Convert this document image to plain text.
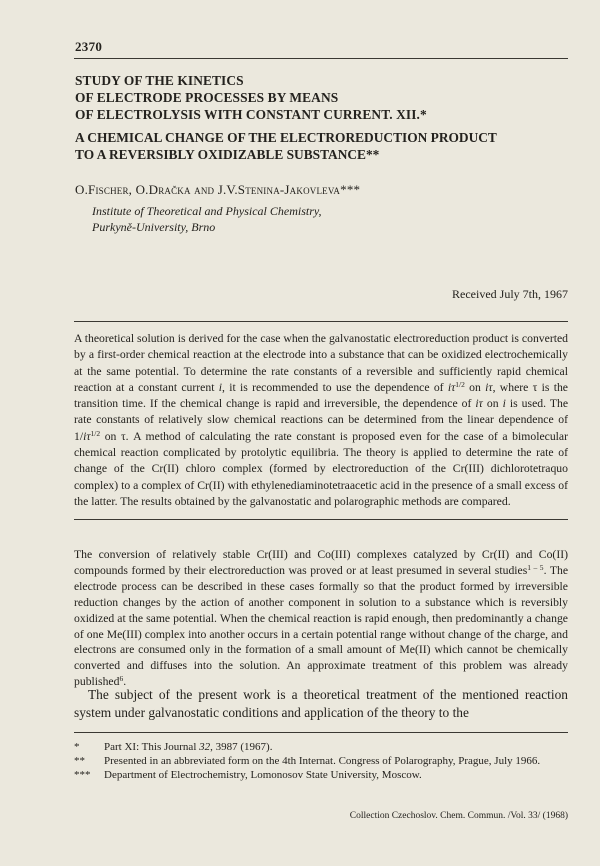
2370
STUDY OF THE KINETICS
OF ELECTRODE PROCESSES BY MEANS
OF ELECTROLYSIS WITH CONSTANT CURRENT. XII.*
A CHEMICAL CHANGE OF THE ELECTROREDUCTION PRODUCT
TO A REVERSIBLY OXIDIZABLE SUBSTANCE**
O.Fischer, O.Dračka and J.V.Stenina-Jakovleva***
Institute of Theoretical and Physical Chemistry,
Purkyně-University, Brno
Received July 7th, 1967

A theoretical solution is derived for the case when the galvanostatic electroreduction product is converted by a first-order chemical reaction at the electrode into a substance that can be oxidized electrochemically at the same potential. To determine the rate constants of a reversible and sufficiently rapid chemical reaction at a constant current i, it is recommended to use the dependence of $i\tau^{1/2}$ on iτ, where τ is the transition time. If the chemical change is rapid and irreversible, the dependence of iτ on i is used. The rate constants of relatively slow chemical reactions can be determined from the linear dependence of $1/i\tau^{1/2}$ on τ. A method of calculating the rate constant is proposed even for the case of a bimolecular chemical reaction complicated by protolytic equilibria. The theory is applied to determine the rate of change of the Cr(II) chloro complex (formed by electroreduction of the Cr(III) dichlorotetraquo complex) to a complex of Cr(II) with ethylenediaminotetraacetic acid in the presence of a small excess of the latter. The results obtained by the galvanostatic and polarographic methods are compared.

The conversion of relatively stable Cr(III) and Co(III) complexes catalyzed by Cr(II) and Co(II) compounds formed by their electroreduction was proved or at least presumed in several studies$^{1 - 5}$. The electrode process can be described in these cases formally so that the product formed by irreversible reduction changes by the action of another component in solution to a substance which is reversibly oxidized at the same potential. When the chemical reaction is rapid enough, then predominantly a change of one Me(III) complex into another occurs in a certain potential range without change of the charge, and electrons are consumed only in the formation of a small amount of Me(II) which cannot be chemically converted and diffuses into the solution. An approximate treatment of this problem was already published$^6$.

The subject of the present work is a theoretical treatment of the mentioned reaction system under galvanostatic conditions and application of the theory to the

* Part XI: This Journal 32, 3987 (1967).

** Presented in an abbreviated form on the 4th Internat. Congress of Polarography, Prague, July 1966.

*** Department of Electrochemistry, Lomonosov State University, Moscow.

Collection Czechoslov. Chem. Commun. /Vol. 33/ (1968)
